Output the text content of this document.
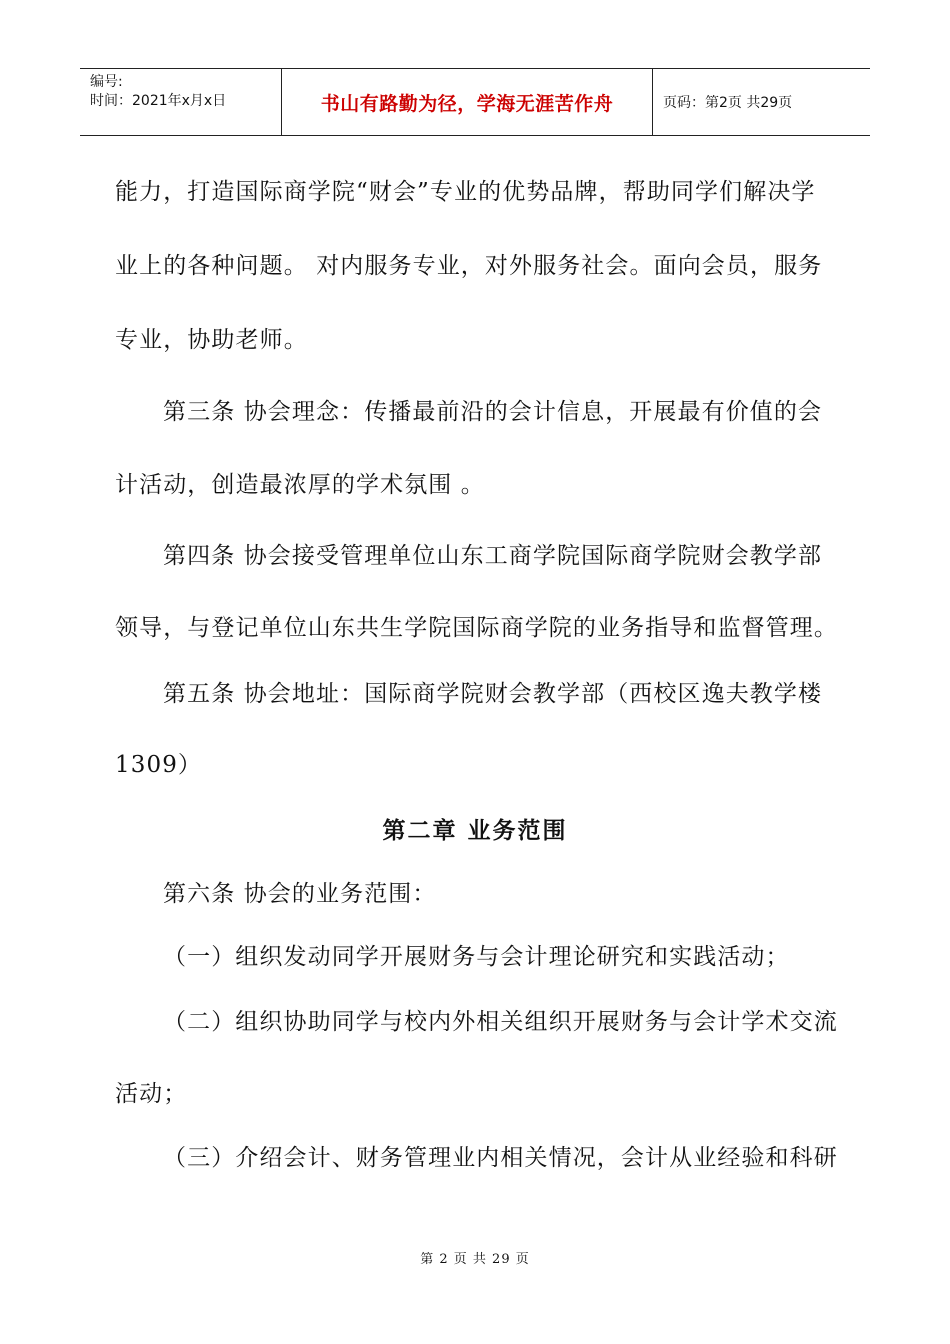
编号:
时间：2021年x月x日	书山有路勤为径，学海无涯苦作舟	页码：第2页 共29页
能力，打造国际商学院“财会”专业的优势品牌，帮助同学们解决学
业上的各种问题。 对内服务专业，对外服务社会。面向会员，服务
专业，协助老师。
第三条 协会理念：传播最前沿的会计信息，开展最有价值的会
计活动，创造最浓厚的学术氛围 。
第四条 协会接受管理单位山东工商学院国际商学院财会教学部
领导，与登记单位山东共生学院国际商学院的业务指导和监督管理。
第五条 协会地址：国际商学院财会教学部（西校区逸夫教学楼
1309）
第二章 业务范围
第六条 协会的业务范围：
（一）组织发动同学开展财务与会计理论研究和实践活动；
（二）组织协助同学与校内外相关组织开展财务与会计学术交流
活动；
（三）介绍会计、财务管理业内相关情况，会计从业经验和科研
第 2 页 共 29 页
